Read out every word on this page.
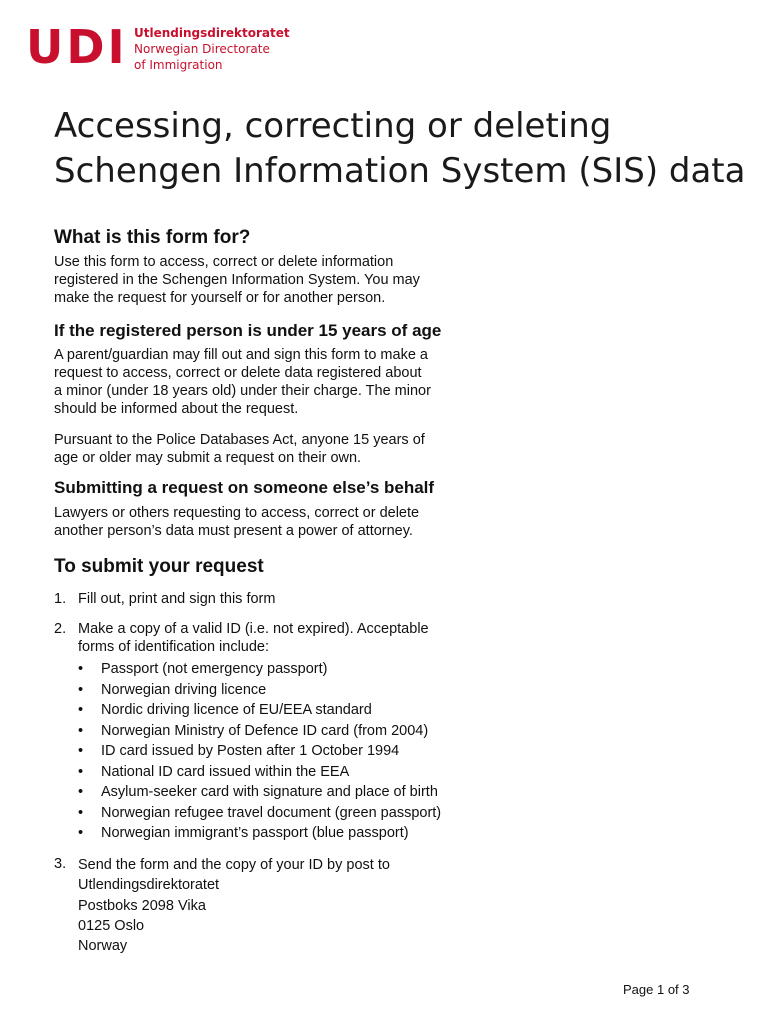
UDI Utlendingsdirektoratet
Norwegian Directorate
of Immigration
Accessing, correcting or deleting
Schengen Information System (SIS) data
What is this form for?
Use this form to access, correct or delete information
registered in the Schengen Information System. You may
make the request for yourself or for another person.
If the registered person is under 15 years of age
A parent/guardian may fill out and sign this form to make a
request to access, correct or delete data registered about
a minor (under 18 years old) under their charge. The minor
should be informed about the request.
Pursuant to the Police Databases Act, anyone 15 years of
age or older may submit a request on their own.
Submitting a request on someone else’s behalf
Lawyers or others requesting to access, correct or delete
another person’s data must present a power of attorney.
To submit your request
1. Fill out, print and sign this form
2. Make a copy of a valid ID (i.e. not expired). Acceptable
forms of identification include:
•	Passport (not emergency passport)
•	Norwegian driving licence
•	Nordic driving licence of EU/EEA standard
•	Norwegian Ministry of Defence ID card (from 2004)
•	ID card issued by Posten after 1 October 1994
•	National ID card issued within the EEA
•	Asylum-seeker card with signature and place of birth
•	Norwegian refugee travel document (green passport)
•	Norwegian immigrant’s passport (blue passport)
3. Send the form and the copy of your ID by post to
Utlendingsdirektoratet
Postboks 2098 Vika
0125 Oslo
Norway
Page 1 of 3
